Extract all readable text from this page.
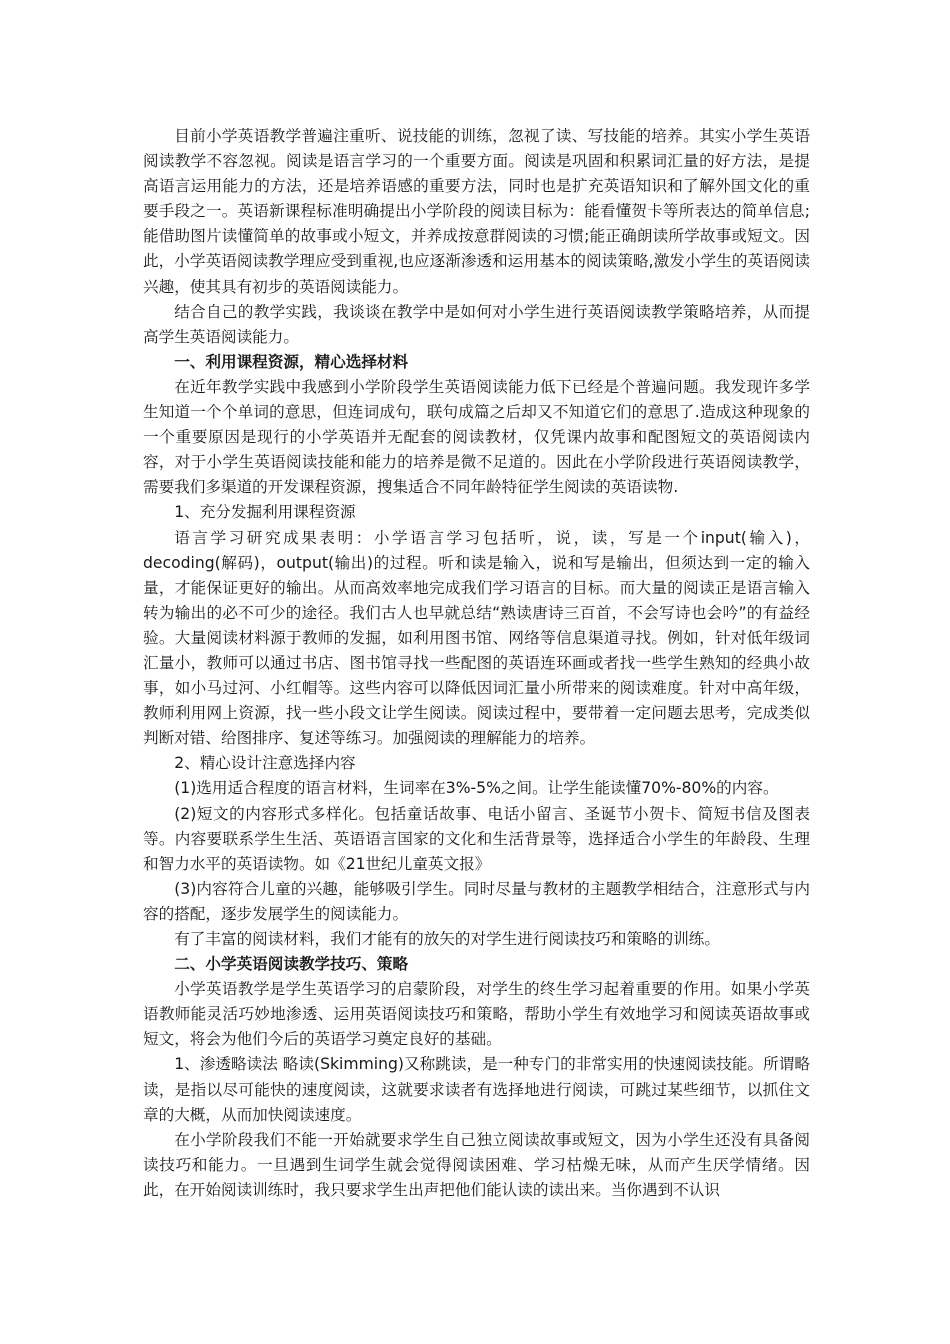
目前小学英语教学普遍注重听、说技能的训练，忽视了读、写技能的培养。其实小学生英语阅读教学不容忽视。阅读是语言学习的一个重要方面。阅读是巩固和积累词汇量的好方法，是提高语言运用能力的方法，还是培养语感的重要方法，同时也是扩充英语知识和了解外国文化的重要手段之一。英语新课程标准明确提出小学阶段的阅读目标为：能看懂贺卡等所表达的简单信息;能借助图片读懂简单的故事或小短文，并养成按意群阅读的习惯;能正确朗读所学故事或短文。因此，小学英语阅读教学理应受到重视,也应逐渐渗透和运用基本的阅读策略,激发小学生的英语阅读兴趣，使其具有初步的英语阅读能力。

结合自己的教学实践，我谈谈在教学中是如何对小学生进行英语阅读教学策略培养，从而提高学生英语阅读能力。

一、利用课程资源，精心选择材料

在近年教学实践中我感到小学阶段学生英语阅读能力低下已经是个普遍问题。我发现许多学生知道一个个单词的意思，但连词成句，联句成篇之后却又不知道它们的意思了.造成这种现象的一个重要原因是现行的小学英语并无配套的阅读教材，仅凭课内故事和配图短文的英语阅读内容，对于小学生英语阅读技能和能力的培养是微不足道的。因此在小学阶段进行英语阅读教学，需要我们多渠道的开发课程资源，搜集适合不同年龄特征学生阅读的英语读物.

1、充分发掘利用课程资源

语言学习研究成果表明：小学语言学习包括听，说，读，写是一个input(输入)，decoding(解码)，output(输出)的过程。听和读是输入，说和写是输出，但须达到一定的输入量，才能保证更好的输出。从而高效率地完成我们学习语言的目标。而大量的阅读正是语言输入转为输出的必不可少的途径。我们古人也早就总结“熟读唐诗三百首，不会写诗也会吟”的有益经验。大量阅读材料源于教师的发掘，如利用图书馆、网络等信息渠道寻找。例如，针对低年级词汇量小，教师可以通过书店、图书馆寻找一些配图的英语连环画或者找一些学生熟知的经典小故事，如小马过河、小红帽等。这些内容可以降低因词汇量小所带来的阅读难度。针对中高年级，教师利用网上资源，找一些小段文让学生阅读。阅读过程中，要带着一定问题去思考，完成类似判断对错、给图排序、复述等练习。加强阅读的理解能力的培养。

2、精心设计注意选择内容

(1)选用适合程度的语言材料，生词率在3%-5%之间。让学生能读懂70%-80%的内容。

(2)短文的内容形式多样化。包括童话故事、电话小留言、圣诞节小贺卡、简短书信及图表等。内容要联系学生生活、英语语言国家的文化和生活背景等，选择适合小学生的年龄段、生理和智力水平的英语读物。如《21世纪儿童英文报》

(3)内容符合儿童的兴趣，能够吸引学生。同时尽量与教材的主题教学相结合，注意形式与内容的搭配，逐步发展学生的阅读能力。

有了丰富的阅读材料，我们才能有的放矢的对学生进行阅读技巧和策略的训练。

二、小学英语阅读教学技巧、策略

小学英语教学是学生英语学习的启蒙阶段，对学生的终生学习起着重要的作用。如果小学英语教师能灵活巧妙地渗透、运用英语阅读技巧和策略，帮助小学生有效地学习和阅读英语故事或短文，将会为他们今后的英语学习奠定良好的基础。

1、渗透略读法 略读(Skimming)又称跳读，是一种专门的非常实用的快速阅读技能。所谓略读，是指以尽可能快的速度阅读，这就要求读者有选择地进行阅读，可跳过某些细节，以抓住文章的大概，从而加快阅读速度。

在小学阶段我们不能一开始就要求学生自己独立阅读故事或短文，因为小学生还没有具备阅读技巧和能力。一旦遇到生词学生就会觉得阅读困难、学习枯燥无味，从而产生厌学情绪。因此，在开始阅读训练时，我只要求学生出声把他们能认读的读出来。当你遇到不认识
